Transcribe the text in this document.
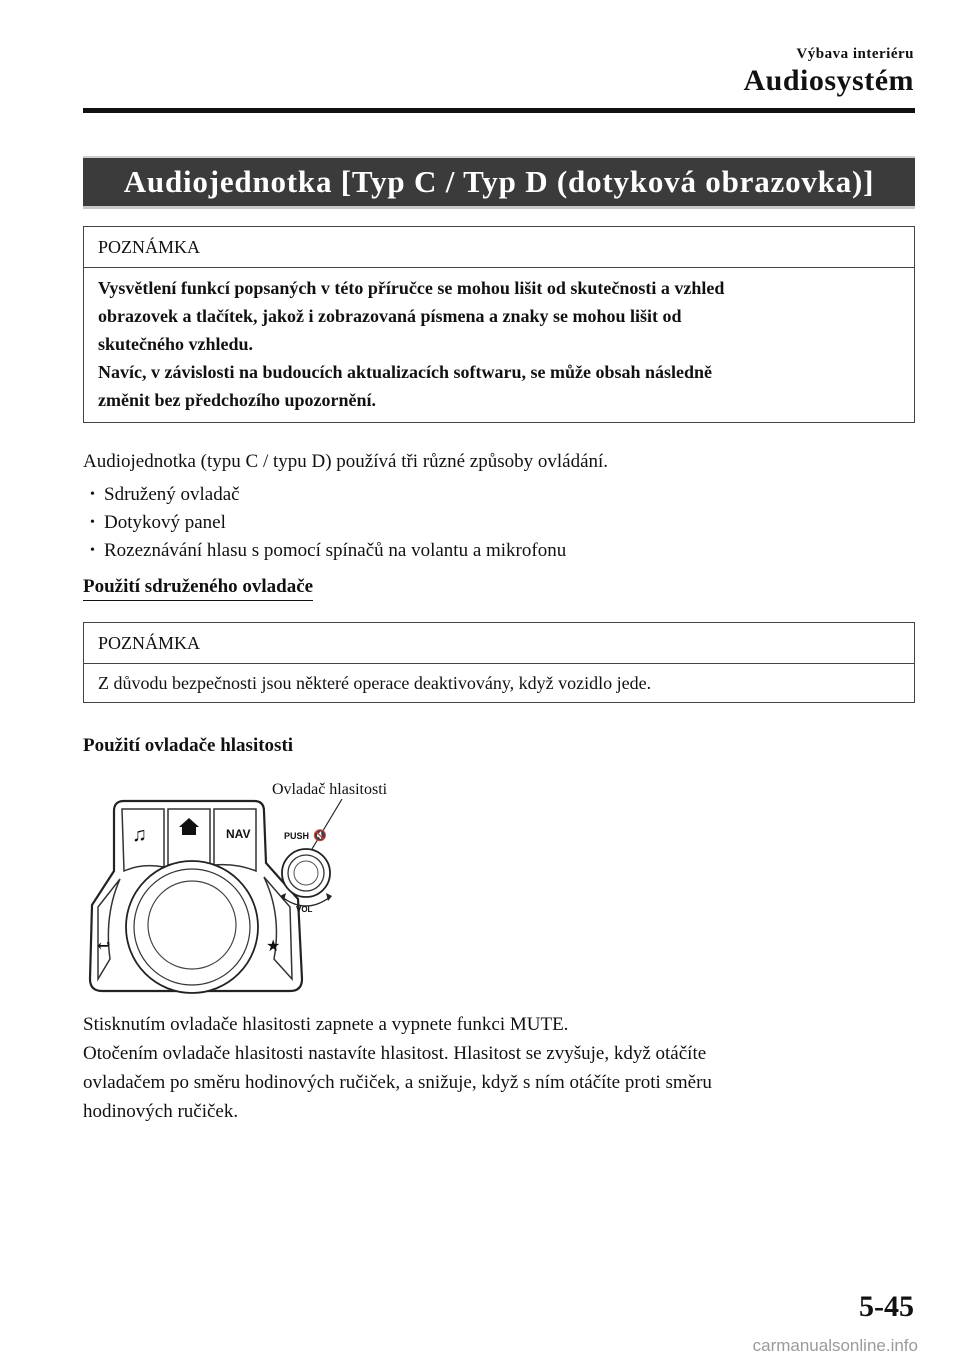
Výbava interiéru
Audiosystém
Audiojednotka [Typ C / Typ D (dotyková obrazovka)]
POZNÁMKA
Vysvětlení funkcí popsaných v této příručce se mohou lišit od skutečnosti a vzhled
obrazovek a tlačítek, jakož i zobrazovaná písmena a znaky se mohou lišit od
skutečného vzhledu.
Navíc, v závislosti na budoucích aktualizacích softwaru, se může obsah následně
změnit bez předchozího upozornění.
Audiojednotka (typu C / typu D) používá tři různé způsoby ovládání.
• Sdružený ovladač
• Dotykový panel
• Rozeznávání hlasu s pomocí spínačů na volantu a mikrofonu
Použití sdruženého ovladače
POZNÁMKA
Z důvodu bezpečnosti jsou některé operace deaktivovány, když vozidlo jede.
Použití ovladače hlasitosti
Ovladač hlasitosti
♫	NAV
↩	★
PUSH 🔇
VOL
Stisknutím ovladače hlasitosti zapnete a vypnete funkci MUTE.
Otočením ovladače hlasitosti nastavíte hlasitost. Hlasitost se zvyšuje, když otáčíte
ovladačem po směru hodinových ručiček, a snižuje, když s ním otáčíte proti směru
hodinových ručiček.
5-45
carmanualsonline.info
